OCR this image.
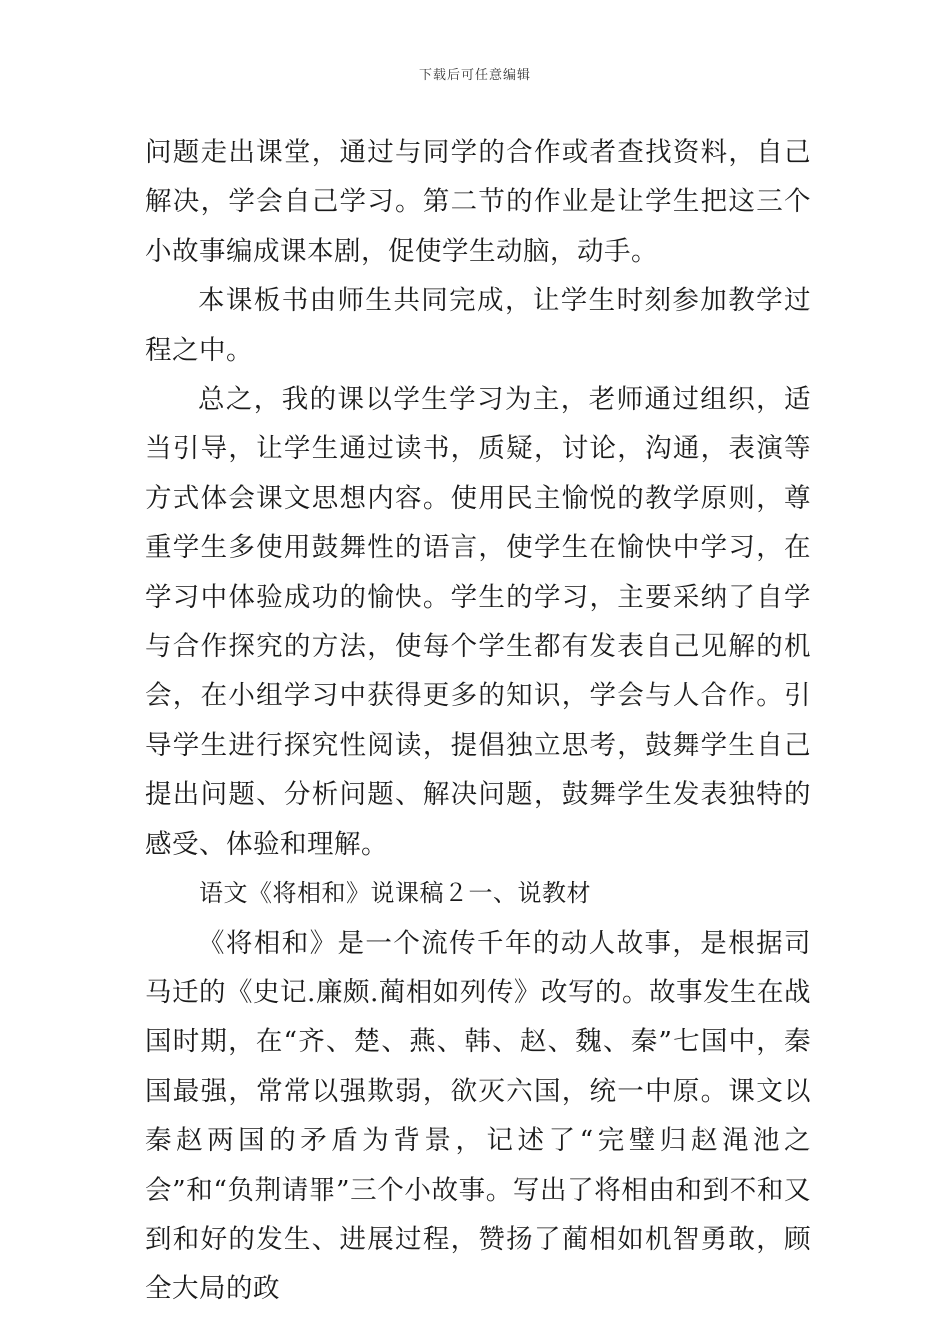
下载后可任意编辑

问题走出课堂，通过与同学的合作或者查找资料，自己解决，学会自己学习。第二节的作业是让学生把这三个小故事编成课本剧，促使学生动脑，动手。

本课板书由师生共同完成，让学生时刻参加教学过程之中。

总之，我的课以学生学习为主，老师通过组织，适当引导，让学生通过读书，质疑，讨论，沟通，表演等方式体会课文思想内容。使用民主愉悦的教学原则，尊重学生多使用鼓舞性的语言，使学生在愉快中学习，在学习中体验成功的愉快。学生的学习，主要采纳了自学与合作探究的方法，使每个学生都有发表自己见解的机会，在小组学习中获得更多的知识，学会与人合作。引导学生进行探究性阅读，提倡独立思考，鼓舞学生自己提出问题、分析问题、解决问题，鼓舞学生发表独特的感受、体验和理解。

语文《将相和》说课稿２一、说教材

《将相和》是一个流传千年的动人故事，是根据司马迁的《史记.廉颇.蔺相如列传》改写的。故事发生在战国时期，在“齐、楚、燕、韩、赵、魏、秦”七国中，秦国最强，常常以强欺弱，欲灭六国，统一中原。课文以秦赵两国的矛盾为背景，记述了“完璧归赵渑池之会”和“负荆请罪”三个小故事。写出了将相由和到不和又到和好的发生、进展过程，赞扬了蔺相如机智勇敢，顾全大局的政
